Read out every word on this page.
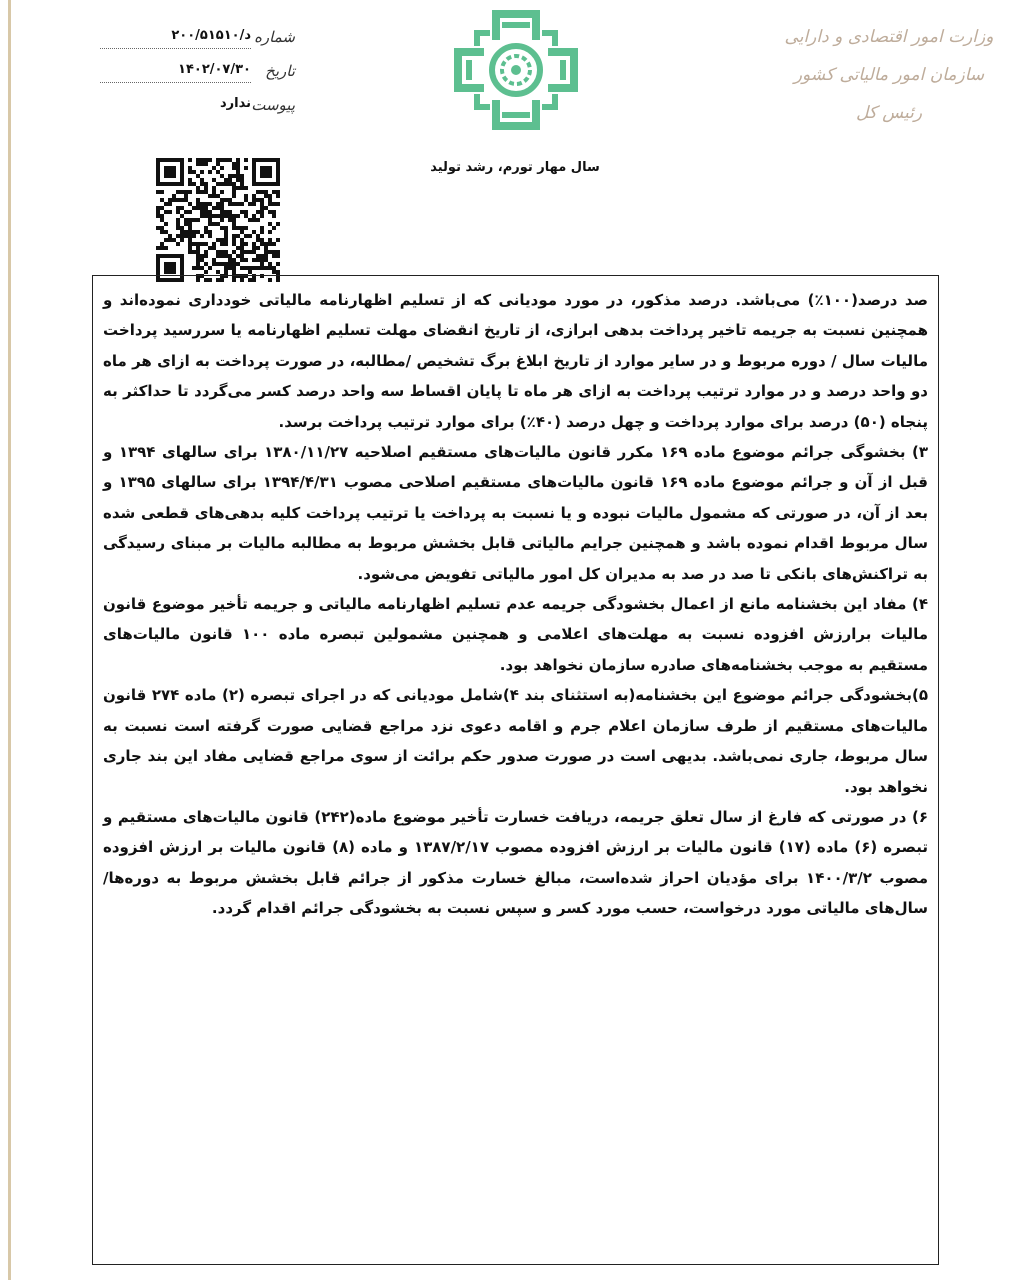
وزارت امور اقتصادی و دارایی
سازمان امور مالیاتی کشور
رئیس کل
سال مهار تورم، رشد تولید
شماره
د/۲۰۰/۵۱۵۱۰
تاریخ
۱۴۰۲/۰۷/۳۰
پیوست
ندارد

صد درصد(۱۰۰٪) می‌باشد. درصد مذکور، در مورد مودیانی که از تسلیم اظهارنامه مالیاتی خودداری نموده‌اند و همچنین نسبت به جریمه تاخیر پرداخت بدهی ابرازی، از تاریخ انقضای مهلت تسلیم اظهارنامه یا سررسید پرداخت مالیات سال / دوره مربوط و در سایر موارد از تاریخ ابلاغ برگ تشخیص /مطالبه، در صورت پرداخت به ازای هر ماه دو واحد درصد و در موارد ترتیب پرداخت به ازای هر ماه تا پایان اقساط سه واحد درصد کسر می‌گردد تا حداکثر به پنجاه (۵۰) درصد برای موارد پرداخت و چهل درصد (۴۰٪) برای موارد ترتیب پرداخت برسد.

۳) بخشوگی جرائم موضوع ماده ۱۶۹ مکرر قانون مالیات‌های مستقیم اصلاحیه ۱۳۸۰/۱۱/۲۷ برای سالهای ۱۳۹۴ و قبل از آن و جرائم موضوع ماده ۱۶۹ قانون مالیات‌های مستقیم اصلاحی مصوب ۱۳۹۴/۴/۳۱ برای سالهای ۱۳۹۵ و بعد از آن، در صورتی که مشمول مالیات نبوده و یا نسبت به پرداخت یا ترتیب پرداخت کلیه بدهی‌های قطعی شده سال مربوط اقدام نموده باشد و همچنین جرایم مالیاتی قابل بخشش مربوط به مطالبه مالیات بر مبنای رسیدگی به تراکنش‌های بانکی تا صد در صد به مدیران کل امور مالیاتی تفویض می‌شود.

۴) مفاد این بخشنامه مانع از اعمال بخشودگی جریمه عدم تسلیم اظهارنامه مالیاتی و جریمه تأخیر موضوع قانون مالیات برارزش افزوده نسبت به مهلت‌های اعلامی و همچنین مشمولین تبصره ماده ۱۰۰ قانون مالیات‌های مستقیم به موجب بخشنامه‌های صادره سازمان نخواهد بود.

۵)بخشودگی جرائم موضوع این بخشنامه(به استثنای بند ۴)شامل مودیانی که در اجرای تبصره (۲) ماده ۲۷۴ قانون مالیات‌های مستقیم از طرف سازمان اعلام جرم و اقامه دعوی نزد مراجع قضایی صورت گرفته است نسبت به سال مربوط، جاری نمی‌باشد. بدیهی است در صورت صدور حکم برائت از سوی مراجع قضایی مفاد این بند جاری نخواهد بود.

۶) در صورتی که فارغ از سال تعلق جریمه، دریافت خسارت تأخیر موضوع ماده(۲۴۲) قانون مالیات‌های مستقیم و تبصره (۶) ماده (۱۷) قانون مالیات بر ارزش افزوده مصوب ۱۳۸۷/۲/۱۷ و ماده (۸) قانون مالیات بر ارزش افزوده مصوب ۱۴۰۰/۳/۲ برای مؤدیان احراز شده‌است، مبالغ خسارت مذکور از جرائم قابل بخشش مربوط به دوره‌ها/سال‌های مالیاتی مورد درخواست، حسب مورد کسر و سپس نسبت به بخشودگی جرائم اقدام گردد.
